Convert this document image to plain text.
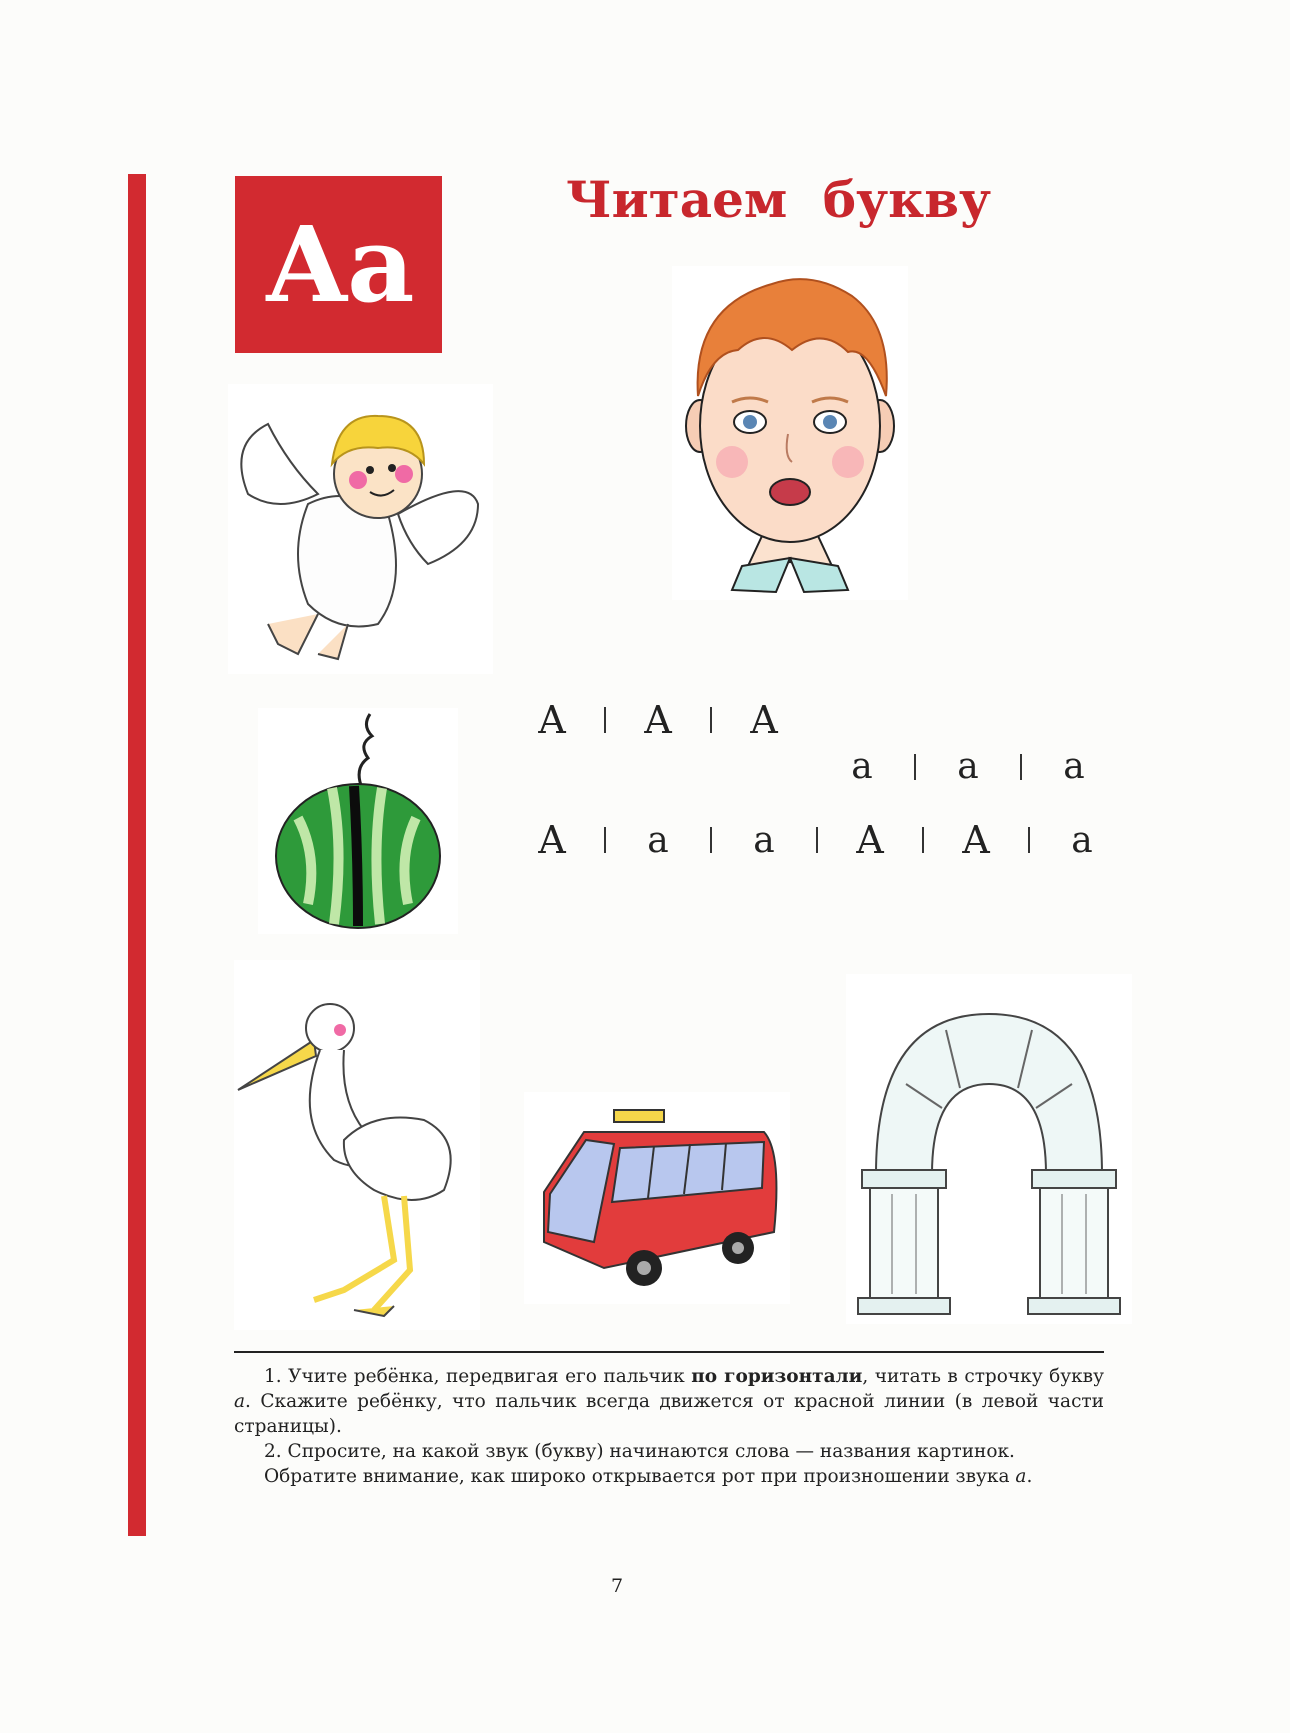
Аа
Читаем букву
А	А	А
а	а	а
А	а	а	А	А	а

1. Учите ребёнка, передвигая его пальчик по горизонтали, читать в строчку букву а. Скажите ребёнку, что пальчик всегда движется от красной линии (в левой части страницы).

2. Спросите, на какой звук (букву) начинаются слова — названия картинок.

Обратите внимание, как широко открывается рот при произношении звука а.

7
